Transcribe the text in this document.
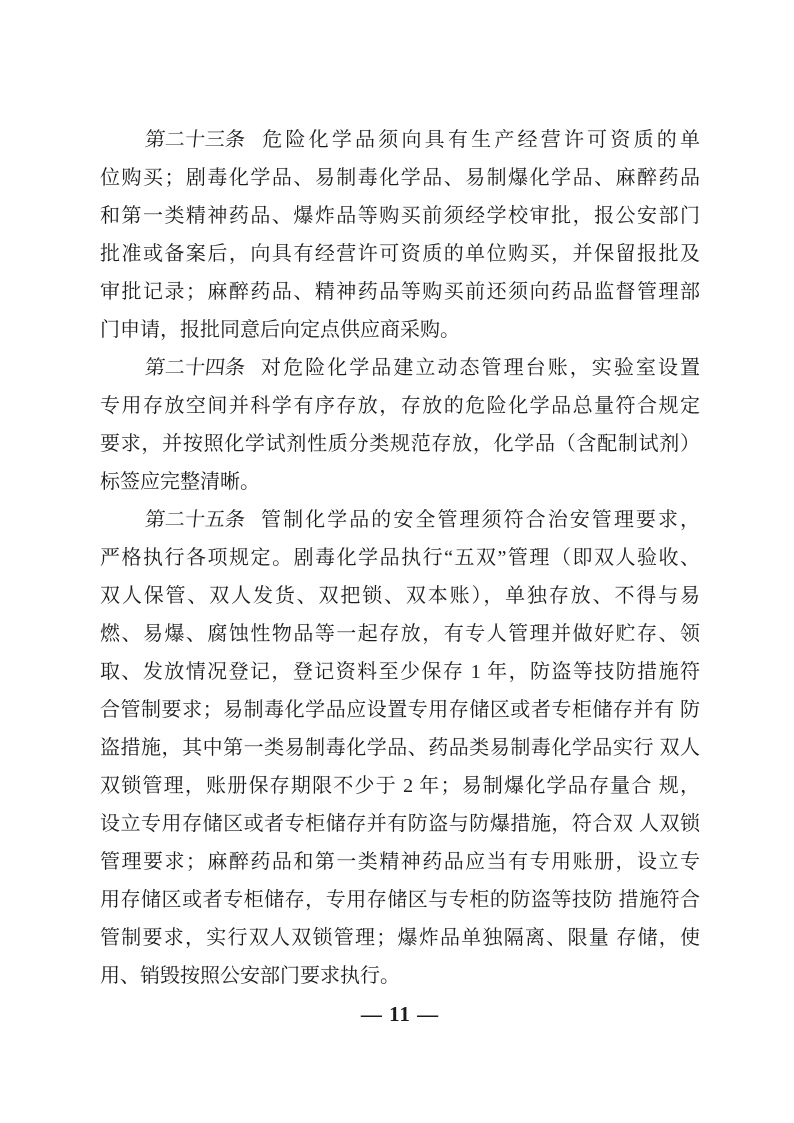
第二十三条 危险化学品须向具有生产经营许可资质的单
位购买；剧毒化学品、易制毒化学品、易制爆化学品、麻醉药品
和第一类精神药品、爆炸品等购买前须经学校审批，报公安部门
批准或备案后，向具有经营许可资质的单位购买，并保留报批及
审批记录；麻醉药品、精神药品等购买前还须向药品监督管理部
门申请，报批同意后向定点供应商采购。
第二十四条 对危险化学品建立动态管理台账，实验室设置
专用存放空间并科学有序存放，存放的危险化学品总量符合规定
要求，并按照化学试剂性质分类规范存放，化学品（含配制试剂）
标签应完整清晰。
第二十五条 管制化学品的安全管理须符合治安管理要求，
严格执行各项规定。剧毒化学品执行“五双”管理（即双人验收、
双人保管、双人发货、双把锁、双本账），单独存放、不得与易
燃、易爆、腐蚀性物品等一起存放，有专人管理并做好贮存、领
取、发放情况登记，登记资料至少保存 1 年，防盗等技防措施符
合管制要求；易制毒化学品应设置专用存储区或者专柜储存并有 防
盗措施，其中第一类易制毒化学品、药品类易制毒化学品实行 双人
双锁管理，账册保存期限不少于 2 年；易制爆化学品存量合 规，
设立专用存储区或者专柜储存并有防盗与防爆措施，符合双 人双锁
管理要求；麻醉药品和第一类精神药品应当有专用账册，设立专
用存储区或者专柜储存，专用存储区与专柜的防盗等技防 措施符合
管制要求，实行双人双锁管理；爆炸品单独隔离、限量 存储，使
用、销毁按照公安部门要求执行。
— 11 —
